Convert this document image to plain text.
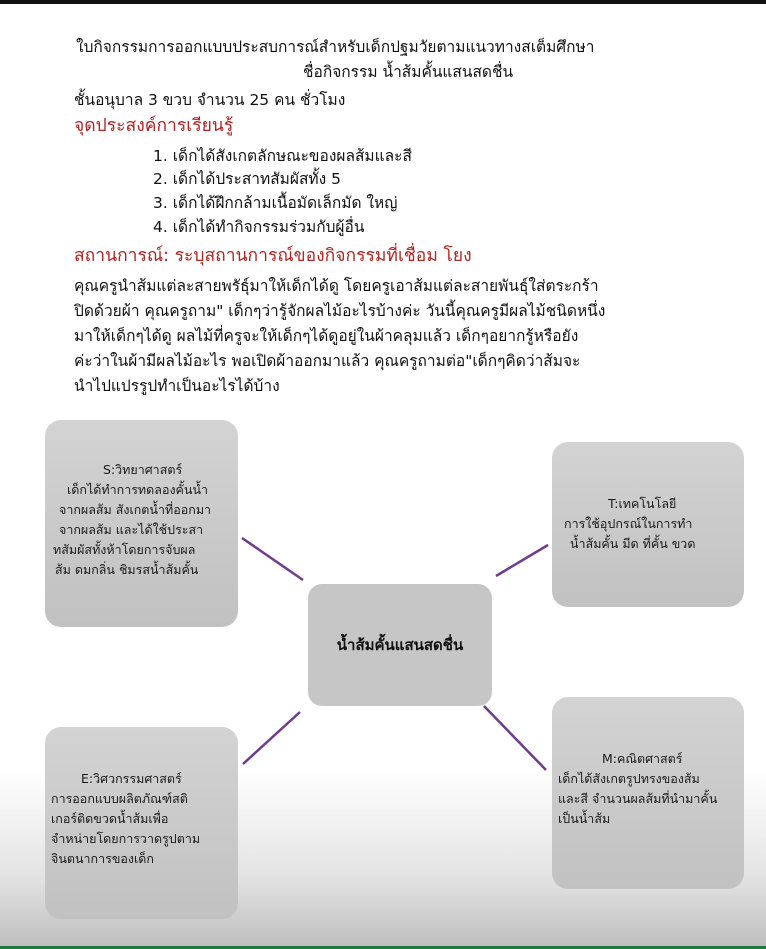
ใบกิจกรรมการออกแบบประสบการณ์สำหรับเด็กปฐมวัยตามแนวทางสเต็มศึกษา
ชื่อกิจกรรม น้ำส้มคั้นแสนสดชื่น
ชั้นอนุบาล 3 ขวบ จำนวน 25 คน ชั่วโมง
จุดประสงค์การเรียนรู้
1. เด็กได้สังเกตลักษณะของผลส้มและสี
2. เด็กได้ประสาทสัมผัสทั้ง 5
3. เด็กได้ฝึกกล้ามเนื้อมัดเล็กมัด ใหญ่
4. เด็กได้ทำกิจกรรมร่วมกับผู้อื่น
สถานการณ์: ระบุสถานการณ์ของกิจกรรมที่เชื่อม โยง
คุณครูนำส้มแต่ละสายพรัธุ์มาให้เด็กได้ดู โดยครูเอาส้มแต่ละสายพันธุ์ใส่ตระกร้า
ปิดด้วยผ้า คุณครูถาม" เด็กๆว่ารู้จักผลไม้อะไรบ้างค่ะ วันนี้คุณครูมีผลไม้ชนิดหนึ่ง
มาให้เด็กๆได้ดู ผลไม้ที่ครูจะให้เด็กๆได้ดูอยู่ในผ้าคลุมแล้ว เด็กๆอยากรู้หรือยัง
ค่ะว่าในผ้ามีผลไม้อะไร พอเปิดผ้าออกมาแล้ว คุณครูถามต่อ"เด็กๆคิดว่าส้มจะ
นำไปแปรรูปทำเป็นอะไรได้บ้าง
S:วิทยาศาสตร์
เด็กได้ทำการทดลองคั้นน้ำ
จากผลส้ม สังเกตน้ำที่ออกมา
จากผลส้ม และได้ใช้ประสา
ทสัมผัสทั้งห้าโดยการจับผล
ส้ม ดมกลิ่น ชิมรสน้ำส้มคั้น
T:เทคโนโลยี
การใช้อุปกรณ์ในการทำ
น้ำส้มคั้น มีด ที่คั้น ขวด
น้ำส้มคั้นแสนสดชื่น
E:วิศวกรรมศาสตร์
การออกแบบผลิตภัณฑ์สติ
เกอร์ติดขวดน้ำส้มเพื่อ
จำหน่ายโดยการวาดรูปตาม
จินตนาการของเด็ก
M:คณิตศาสตร์
เด็กได้สังเกตรูปทรงของส้ม
และสี จำนวนผลส้มที่นำมาคั้น
เป็นน้ำส้ม
